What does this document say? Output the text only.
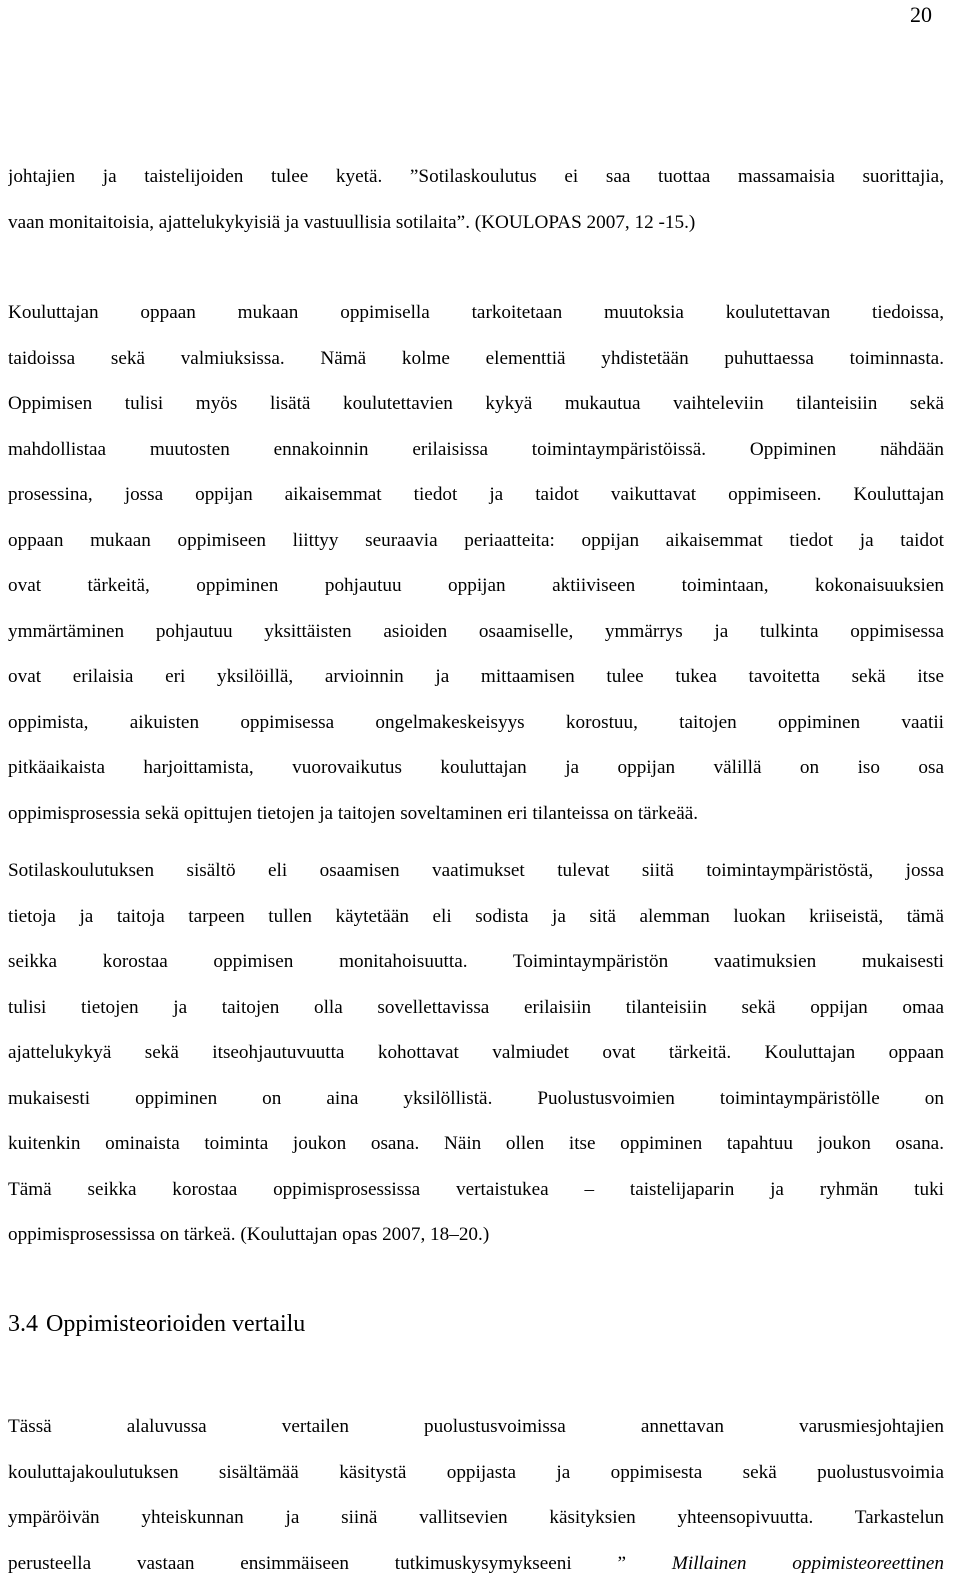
20
johtajien ja taistelijoiden tulee kyetä. ”Sotilaskoulutus ei saa tuottaa massamaisia suorittajia,
vaan monitaitoisia, ajattelukykyisiä ja vastuullisia sotilaita”. (KOULOPAS 2007, 12 -15.)
Kouluttajan oppaan mukaan oppimisella tarkoitetaan muutoksia koulutettavan tiedoissa,
taidoissa sekä valmiuksissa. Nämä kolme elementtiä yhdistetään puhuttaessa toiminnasta.
Oppimisen tulisi myös lisätä koulutettavien kykyä mukautua vaihteleviin tilanteisiin sekä
mahdollistaa muutosten ennakoinnin erilaisissa toimintaympäristöissä. Oppiminen nähdään
prosessina, jossa oppijan aikaisemmat tiedot ja taidot vaikuttavat oppimiseen. Kouluttajan
oppaan mukaan oppimiseen liittyy seuraavia periaatteita: oppijan aikaisemmat tiedot ja taidot
ovat tärkeitä, oppiminen pohjautuu oppijan aktiiviseen toimintaan, kokonaisuuksien
ymmärtäminen pohjautuu yksittäisten asioiden osaamiselle, ymmärrys ja tulkinta oppimisessa
ovat erilaisia eri yksilöillä, arvioinnin ja mittaamisen tulee tukea tavoitetta sekä itse
oppimista, aikuisten oppimisessa ongelmakeskeisyys korostuu, taitojen oppiminen vaatii
pitkäaikaista harjoittamista, vuorovaikutus kouluttajan ja oppijan välillä on iso osa
oppimisprosessia sekä opittujen tietojen ja taitojen soveltaminen eri tilanteissa on tärkeää.
Sotilaskoulutuksen sisältö eli osaamisen vaatimukset tulevat siitä toimintaympäristöstä, jossa
tietoja ja taitoja tarpeen tullen käytetään eli sodista ja sitä alemman luokan kriiseistä, tämä
seikka korostaa oppimisen monitahoisuutta. Toimintaympäristön vaatimuksien mukaisesti
tulisi tietojen ja taitojen olla sovellettavissa erilaisiin tilanteisiin sekä oppijan omaa
ajattelukykyä sekä itseohjautuvuutta kohottavat valmiudet ovat tärkeitä. Kouluttajan oppaan
mukaisesti oppiminen on aina yksilöllistä. Puolustusvoimien toimintaympäristölle on
kuitenkin ominaista toiminta joukon osana. Näin ollen itse oppiminen tapahtuu joukon osana.
Tämä seikka korostaa oppimisprosessissa vertaistukea – taistelijaparin ja ryhmän tuki
oppimisprosessissa on tärkeä. (Kouluttajan opas 2007, 18–20.)
3.4 Oppimisteorioiden vertailu
Tässä alaluvussa vertailen puolustusvoimissa annettavan varusmiesjohtajien
kouluttajakoulutuksen sisältämää käsitystä oppijasta ja oppimisesta sekä puolustusvoimia
ympäröivän yhteiskunnan ja siinä vallitsevien käsityksien yhteensopivuutta. Tarkastelun
perusteella vastaan ensimmäiseen tutkimuskysymykseeni ” Millainen oppimisteoreettinen
